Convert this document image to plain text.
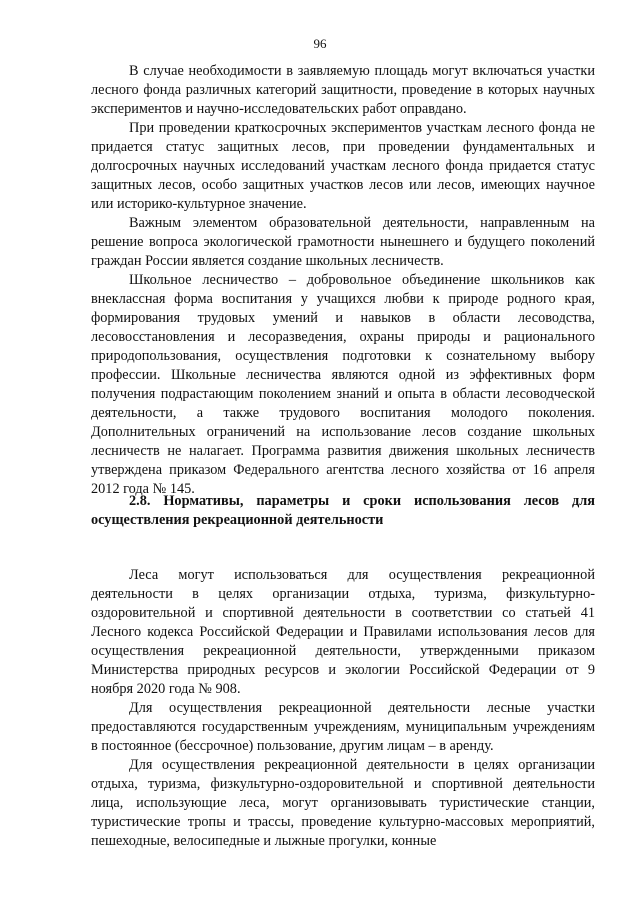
96

В случае необходимости в заявляемую площадь могут включаться участки лесного фонда различных категорий защитности, проведение в которых научных экспериментов и научно-исследовательских работ оправдано.

При проведении краткосрочных экспериментов участкам лесного фонда не придается статус защитных лесов, при проведении фундаментальных и долгосрочных научных исследований участкам лесного фонда придается статус защитных лесов, особо защитных участков лесов или лесов, имеющих научное или историко-культурное значение.

Важным элементом образовательной деятельности, направленным на решение вопроса экологической грамотности нынешнего и будущего поколений граждан России является создание школьных лесничеств.

Школьное лесничество – добровольное объединение школьников как внеклассная форма воспитания у учащихся любви к природе родного края, формирования трудовых умений и навыков в области лесоводства, лесовосстановления и лесоразведения, охраны природы и рационального природопользования, осуществления подготовки к сознательному выбору профессии. Школьные лесничества являются одной из эффективных форм получения подрастающим поколением знаний и опыта в области лесоводческой деятельности, а также трудового воспитания молодого поколения. Дополнительных ограничений на использование лесов создание школьных лесничеств не налагает. Программа развития движения школьных лесничеств утверждена приказом Федерального агентства лесного хозяйства от 16 апреля 2012 года № 145.

2.8. Нормативы, параметры и сроки использования лесов для осуществления рекреационной деятельности

Леса могут использоваться для осуществления рекреационной деятельности в целях организации отдыха, туризма, физкультурно-оздоровительной и спортивной деятельности в соответствии со статьей 41 Лесного кодекса Российской Федерации и Правилами использования лесов для осуществления рекреационной деятельности, утвержденными приказом Министерства природных ресурсов и экологии Российской Федерации от 9 ноября 2020 года № 908.

Для осуществления рекреационной деятельности лесные участки предоставляются государственным учреждениям, муниципальным учреждениям в постоянное (бессрочное) пользование, другим лицам – в аренду.

Для осуществления рекреационной деятельности в целях организации отдыха, туризма, физкультурно-оздоровительной и спортивной деятельности лица, использующие леса, могут организовывать туристические станции, туристические тропы и трассы, проведение культурно-массовых мероприятий, пешеходные, велосипедные и лыжные прогулки, конные
